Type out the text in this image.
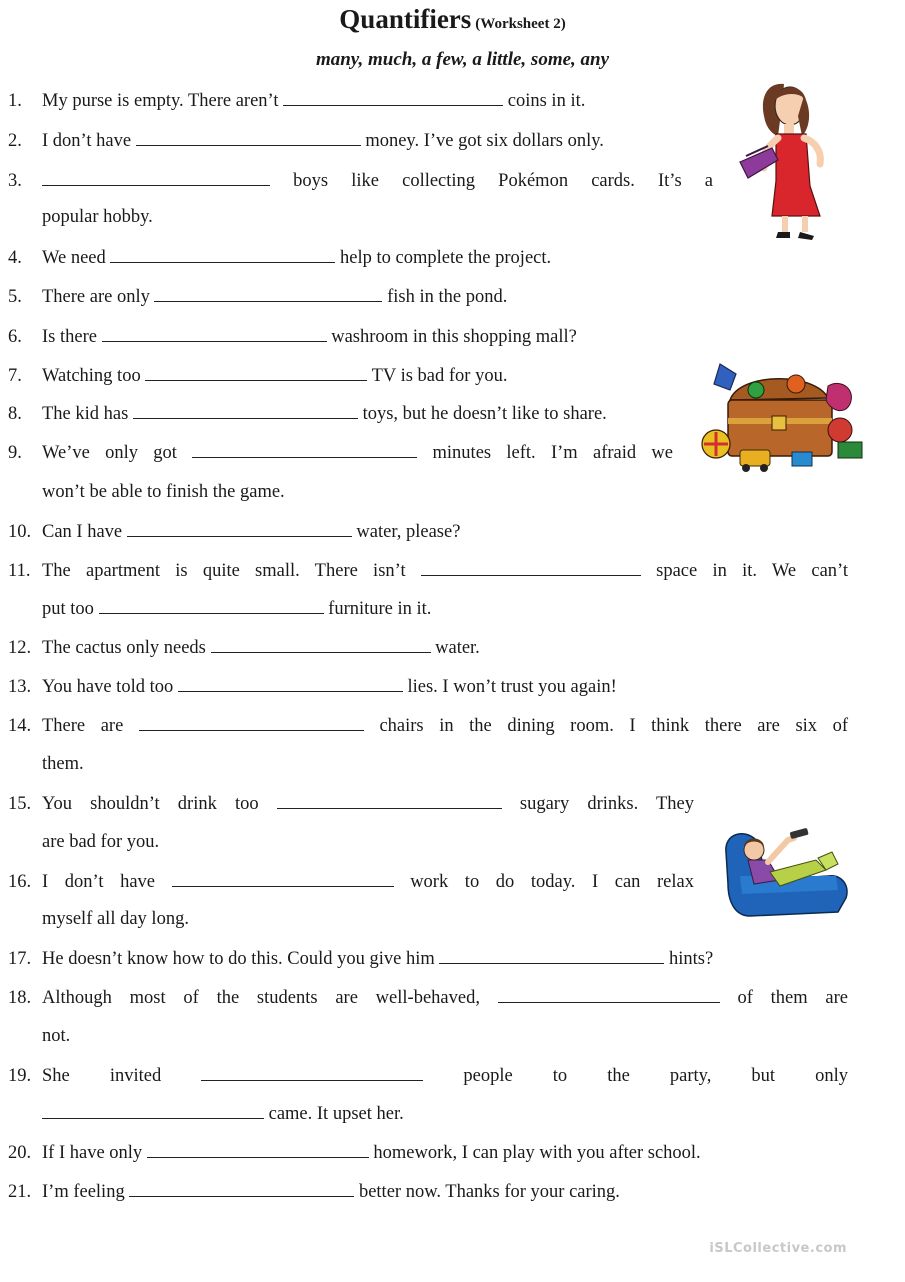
Quantifiers (Worksheet 2)
many, much, a few, a little, some, any
1. My purse is empty. There aren’t	coins in it.
2. I don’t have	money. I’ve got six dollars only.
3.	boys like collecting Pokémon cards. It’s a
popular hobby.
4. We need	help to complete the project.
5. There are only	fish in the pond.
6. Is there	washroom in this shopping mall?
7. Watching too	TV is bad for you.
8. The kid has	toys, but he doesn’t like to share.
9. We’ve only got	minutes left. I’m afraid we
won’t be able to finish the game.
10. Can I have	water, please?
11. The apartment is quite small. There isn’t	space in it. We can’t
put too	furniture in it.
12. The cactus only needs	water.
13. You have told too	lies. I won’t trust you again!
14. There are	chairs in the dining room. I think there are six of
them.
15. You shouldn’t drink too	sugary drinks. They
are bad for you.
16. I don’t have	work to do today. I can relax
myself all day long.
17. He doesn’t know how to do this. Could you give him	hints?
18. Although most of the students are well-behaved,	of them are
not.
19. She invited	people to the party, but only
came. It upset her.
20. If I have only	homework, I can play with you after school.
21. I’m feeling	better now. Thanks for your caring.
iSLCollective.com
